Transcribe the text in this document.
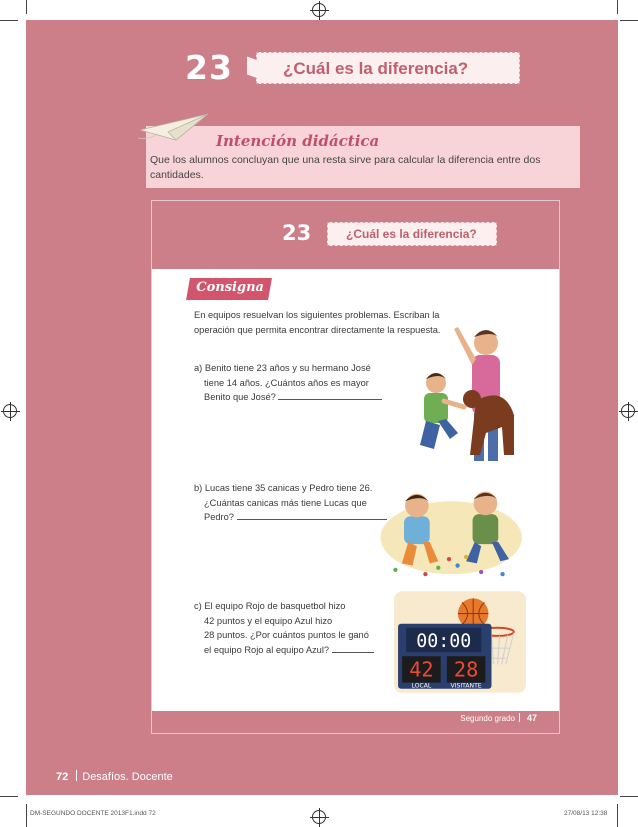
23	¿Cuál es la diferencia?
Intención didáctica
Que los alumnos concluyan que una resta sirve para calcular la diferencia entre dos cantidades.
23	¿Cuál es la diferencia?
Consigna
En equipos resuelvan los siguientes problemas. Escriban la operación que permita encontrar directamente la respuesta.
a) Benito tiene 23 años y su hermano José
tiene 14 años. ¿Cuántos años es mayor
Benito que José?
b) Lucas tiene 35 canicas y Pedro tiene 26.
¿Cuántas canicas más tiene Lucas que
Pedro?
c) El equipo Rojo de basquetbol hizo
42 puntos y el equipo Azul hizo
28 puntos. ¿Por cuántos puntos le ganó
el equipo Rojo al equipo Azul?	00:00
42 28
LOCAL	VISITANTE
Segundo grado 47
72 Desafíos. Docente
DM-SEGUNDO DOCENTE 2013F1.indd 72	27/08/13 12:38
